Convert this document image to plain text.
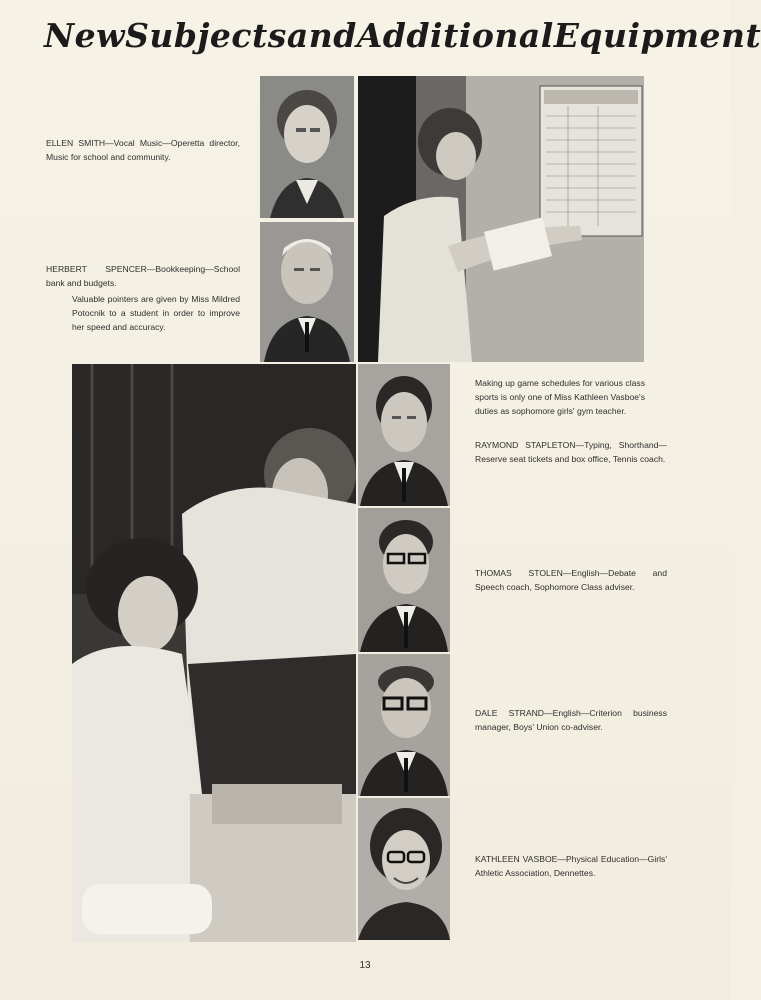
New Subjects and Additional Equipment
ELLEN SMITH—Vocal Music—Operetta director, Music for school and community.
HERBERT SPENCER—Bookkeeping—School bank and budgets.
Valuable pointers are given by Miss Mildred Potocnik to a student in order to improve her speed and accuracy.
Making up game schedules for various class sports is only one of Miss Kathleen Vasboe's duties as sophomore girls' gym teacher.
RAYMOND STAPLETON—Typing, Shorthand—Reserve seat tickets and box office, Tennis coach.
THOMAS STOLEN—English—Debate and Speech coach, Sophomore Class adviser.
DALE STRAND—English—Criterion business manager, Boys' Union co-adviser.
KATHLEEN VASBOE—Physical Education—Girls' Athletic Association, Dennettes.
13
